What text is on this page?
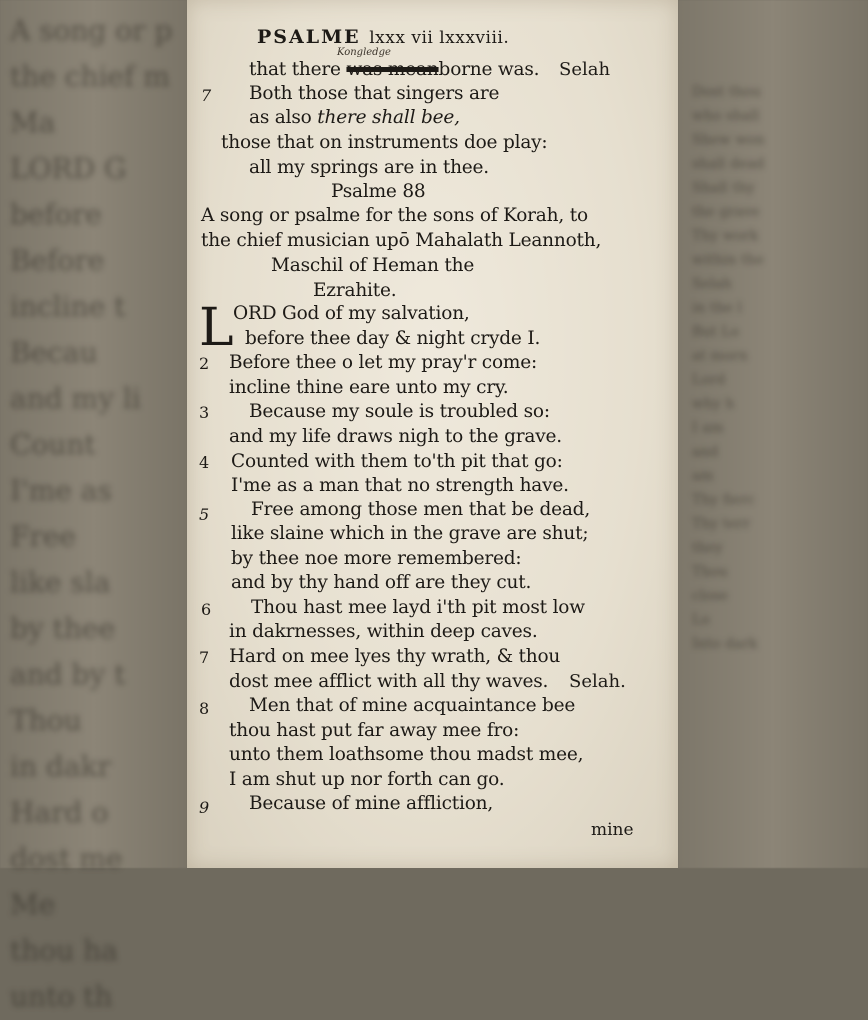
A song or p
the chief m
Ma
LORD G
before
Before
incline t
Becau
and my li
Count
I'me as
Free
like sla
by thee
and by t
Thou
in dakr
Hard o
dost me
Me
thou ha
unto th
Dost thou
who shall
Shew won
shall dead
Shall thy
the grave
Thy work
within the
Selah
in the l
But Lo
at morn
Lord
why h
I am
and
am
Thy fierc
Thy terr
they
Thou
close
Lo
Into dark
PSALME lxxx vii lxxxviii.
Kongledge
that there was meanborne was. Selah
7 Both those that singers are
as also there shall bee,
those that on instruments doe play:
all my springs are in thee.
Psalme 88
A song or psalme for the sons of Korah, to
the chief musician upō Mahalath Leannoth,
Maschil of Heman the
Ezrahite.
L ORD God of my salvation,
before thee day & night cryde I.
2 Before thee o let my pray'r come:
incline thine eare unto my cry.
3 Because my soule is troubled so:
and my life draws nigh to the grave.
4 Counted with them to'th pit that go:
I'me as a man that no strength have.
5 Free among those men that be dead,
like slaine which in the grave are shut;
by thee noe more remembered:
and by thy hand off are they cut.
6 Thou hast mee layd i'th pit most low
in dakrnesses, within deep caves.
7 Hard on mee lyes thy wrath, & thou
dost mee afflict with all thy waves. Selah.
8 Men that of mine acquaintance bee
thou hast put far away mee fro:
unto them loathsome thou madst mee,
I am shut up nor forth can go.
9 Because of mine affliction,
mine
